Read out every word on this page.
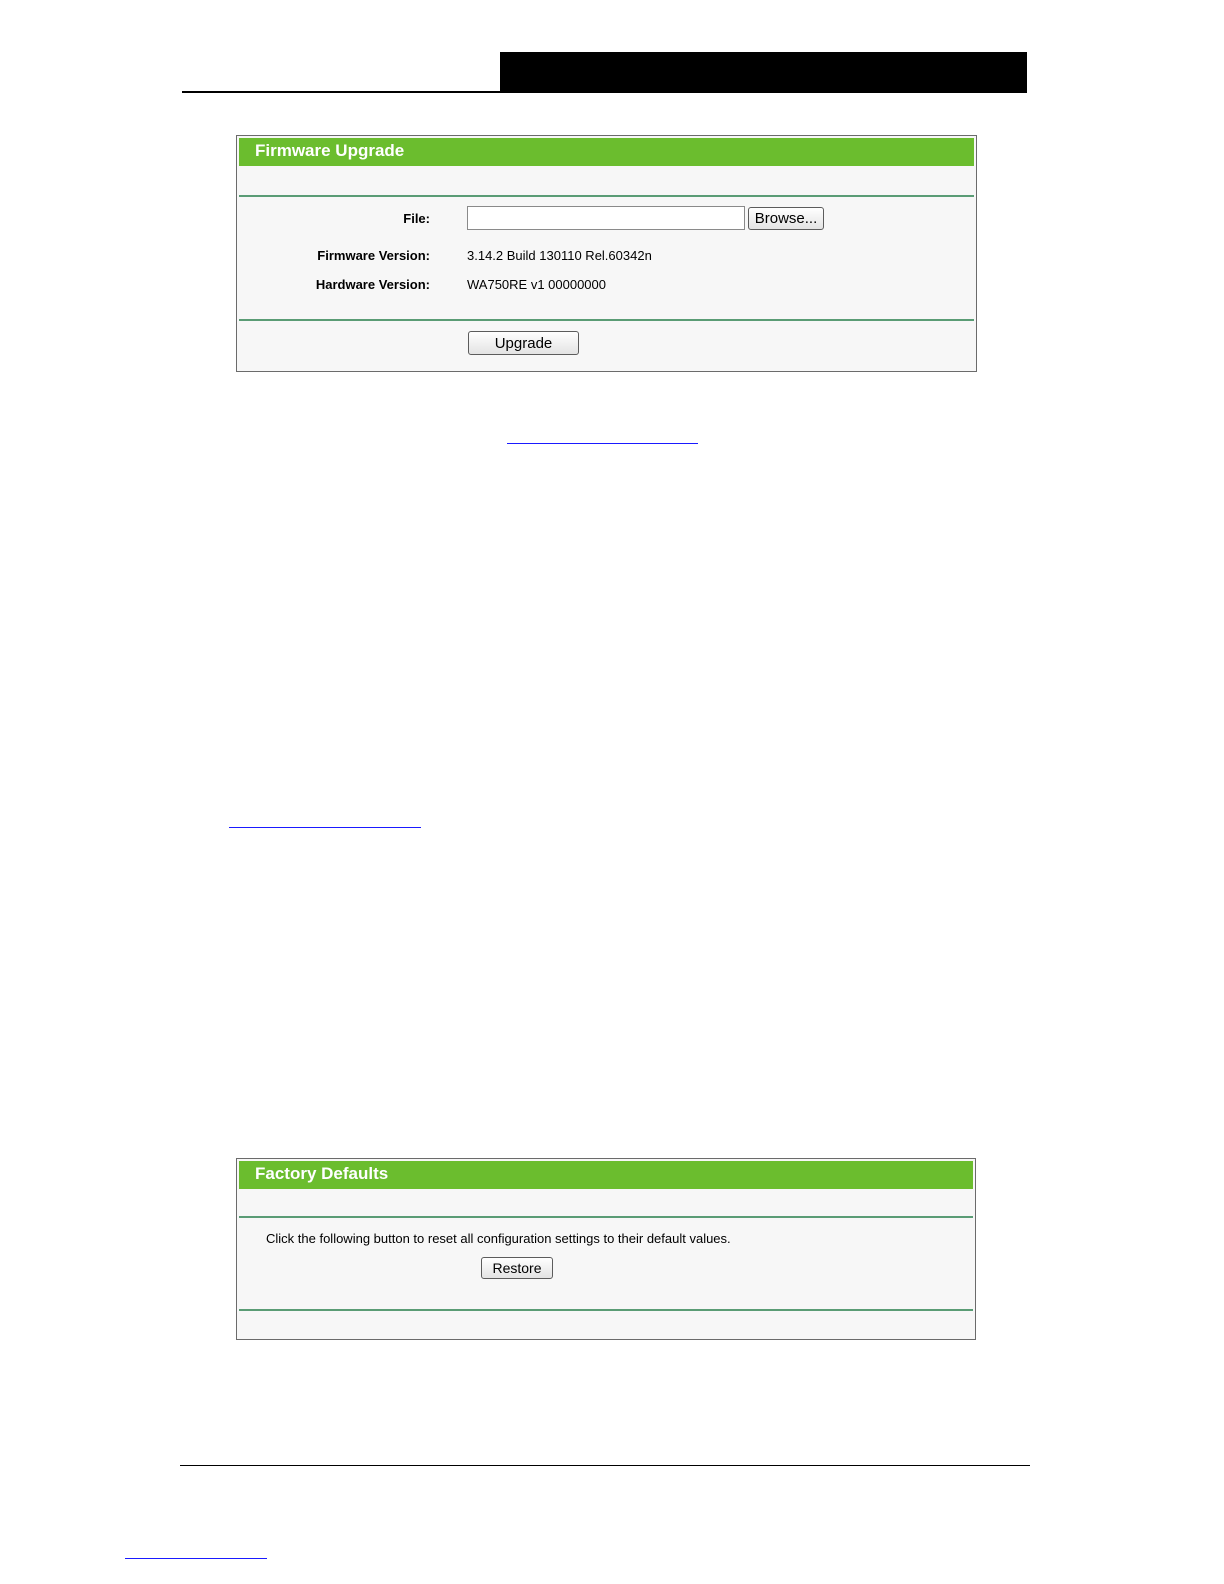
Firmware Upgrade
File:	Browse...
Firmware Version:	3.14.2 Build 130110 Rel.60342n
Hardware Version:	WA750RE v1 00000000
Upgrade
Factory Defaults
Click the following button to reset all configuration settings to their default values.
Restore
